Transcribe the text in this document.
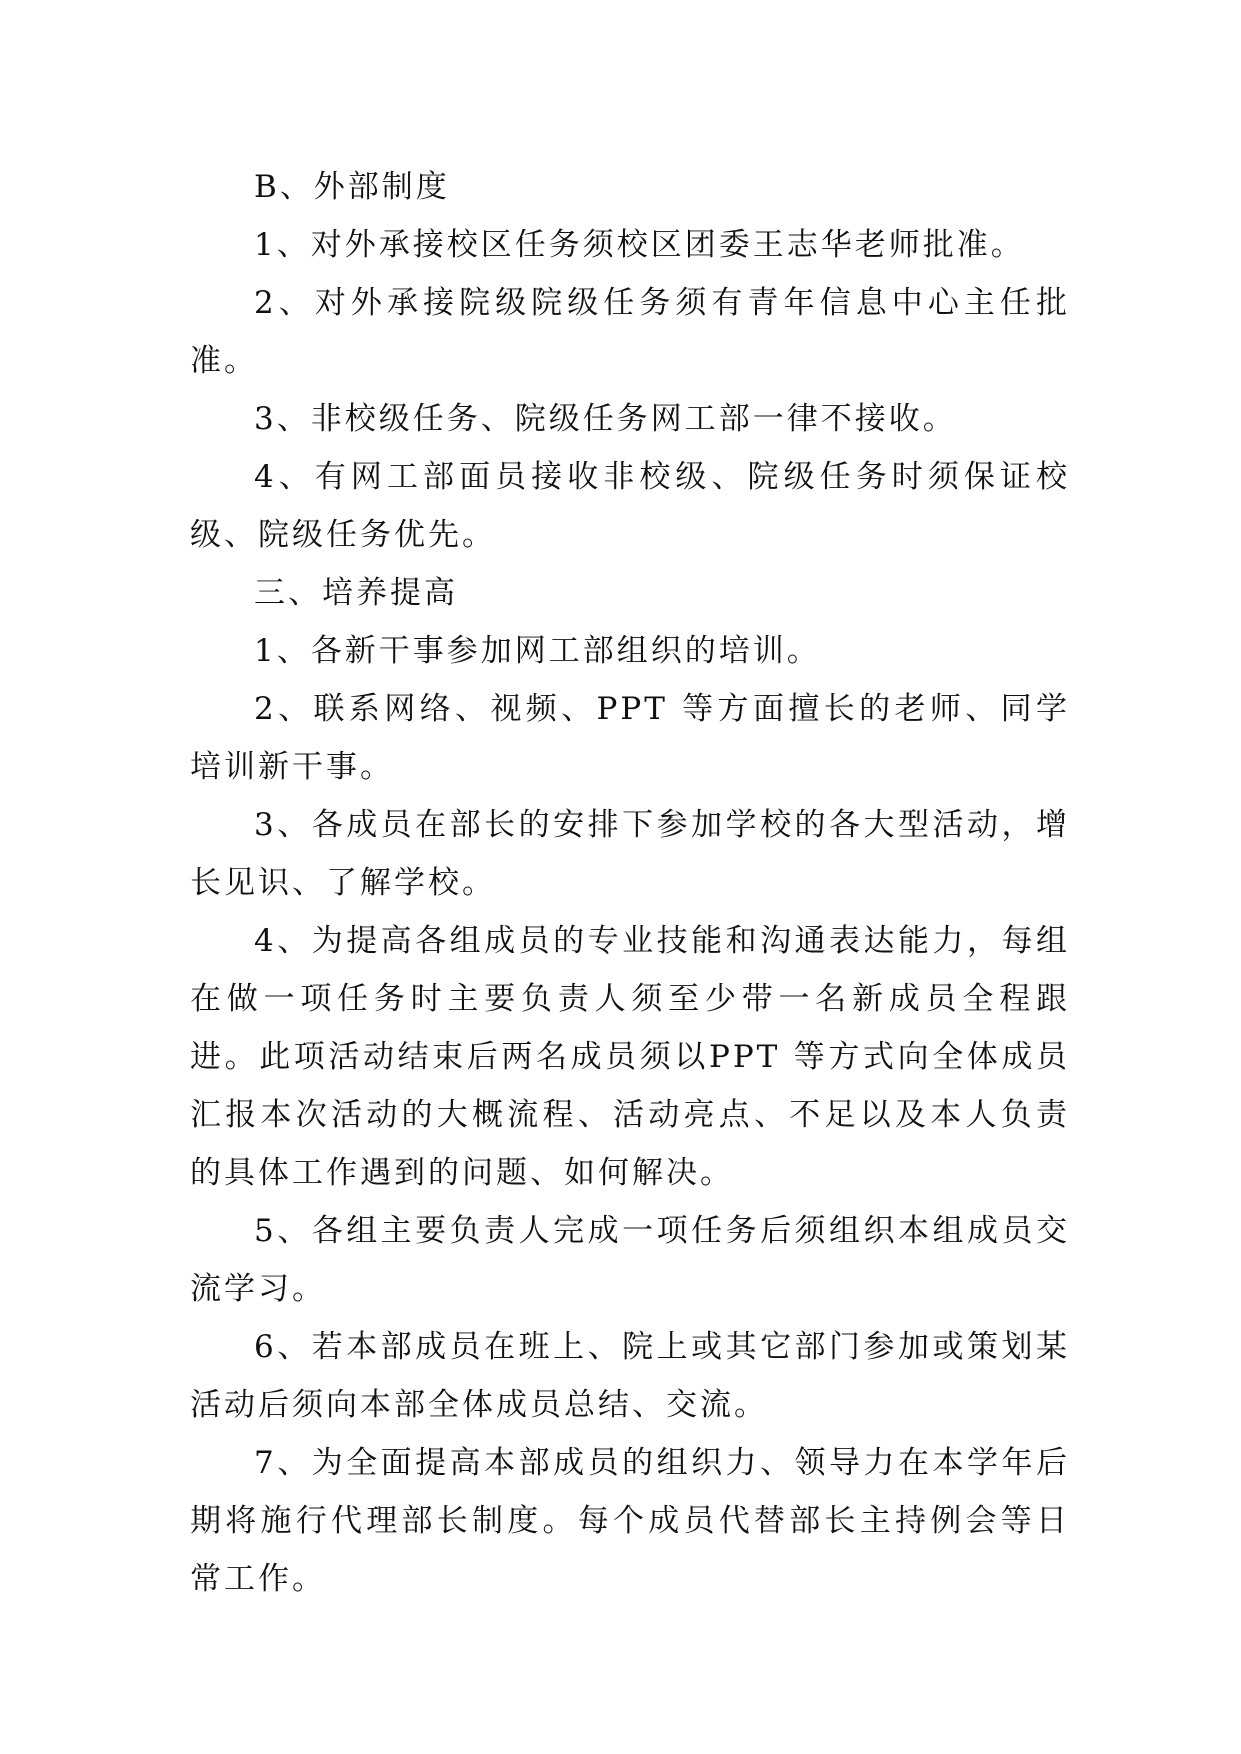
B、外部制度

1、对外承接校区任务须校区团委王志华老师批准。

2、对外承接院级院级任务须有青年信息中心主任批准。

3、非校级任务、院级任务网工部一律不接收。

4、有网工部面员接收非校级、院级任务时须保证校级、院级任务优先。

三、培养提高

1、各新干事参加网工部组织的培训。

2、联系网络、视频、PPT 等方面擅长的老师、同学培训新干事。

3、各成员在部长的安排下参加学校的各大型活动，增长见识、了解学校。

4、为提高各组成员的专业技能和沟通表达能力，每组在做一项任务时主要负责人须至少带一名新成员全程跟进。此项活动结束后两名成员须以PPT 等方式向全体成员汇报本次活动的大概流程、活动亮点、不足以及本人负责的具体工作遇到的问题、如何解决。

5、各组主要负责人完成一项任务后须组织本组成员交流学习。

6、若本部成员在班上、院上或其它部门参加或策划某活动后须向本部全体成员总结、交流。

7、为全面提高本部成员的组织力、领导力在本学年后期将施行代理部长制度。每个成员代替部长主持例会等日常工作。
